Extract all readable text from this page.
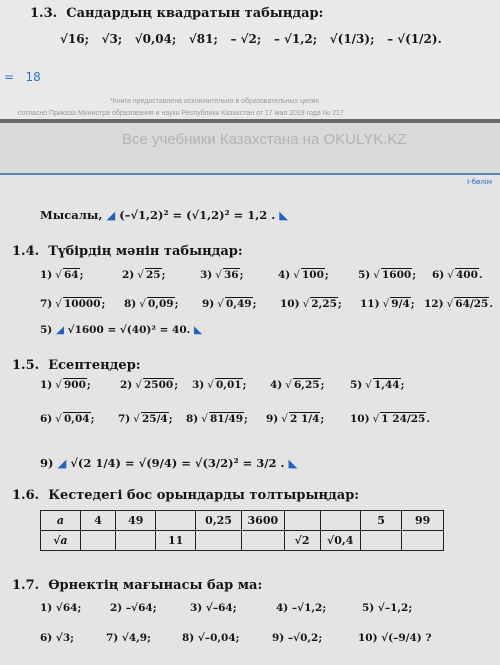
1.3. Сандардың квадратын табыңдар:
√16; √3; √0,04; √81; – √2; – √1,2; √(1/3); – √(1/2).
= 18
*Книга предоставлена исключительно в образовательных целях
согласно Приказа Министра образования и науки Республики Казахстан от 17 мая 2019 года № 217
Все учебники Казахстана на OKULYK.KZ
I-бөлім
Мысалы, ◢ (–√1,2)² = (√1,2)² = 1,2 . ◣
1.4. Түбірдің мәнін табыңдар:
1) √ 64;	2) √ 25;	3) √ 36;	4) √ 100;	5) √ 1600; 6) √ 400.
7) √ 10000; 8) √ 0,09; 9) √ 0,49; 10) √ 2,25; 11) √ 9/4; 12) √ 64/25.
5) ◢ √1600 = √(40)² = 40. ◣
1.5. Есептеңдер:
1) √ 900;	2) √ 2500; 3) √ 0,01; 4) √ 6,25; 5) √ 1,44;
6) √ 0,04; 7) √ 25/4; 8) √ 81/49; 9) √ 2 1/4; 10) √ 1 24/25.
9) ◢ √(2 1/4) = √(9/4) = √(3/2)² = 3/2 . ◣
1.6. Кестедегі бос орындарды толтырыңдар:
a	4	49		0,25	3600			5	99
√a			11			√2	√0,4		
1.7. Өрнектің мағынасы бар ма:
1) √64;	2) –√64;	3) √–64;	4) –√1,2;	5) √–1,2;
6) √3;	7) √4,9;	8) √–0,04;	9) –√0,2;	10) √(–9/4) ?
